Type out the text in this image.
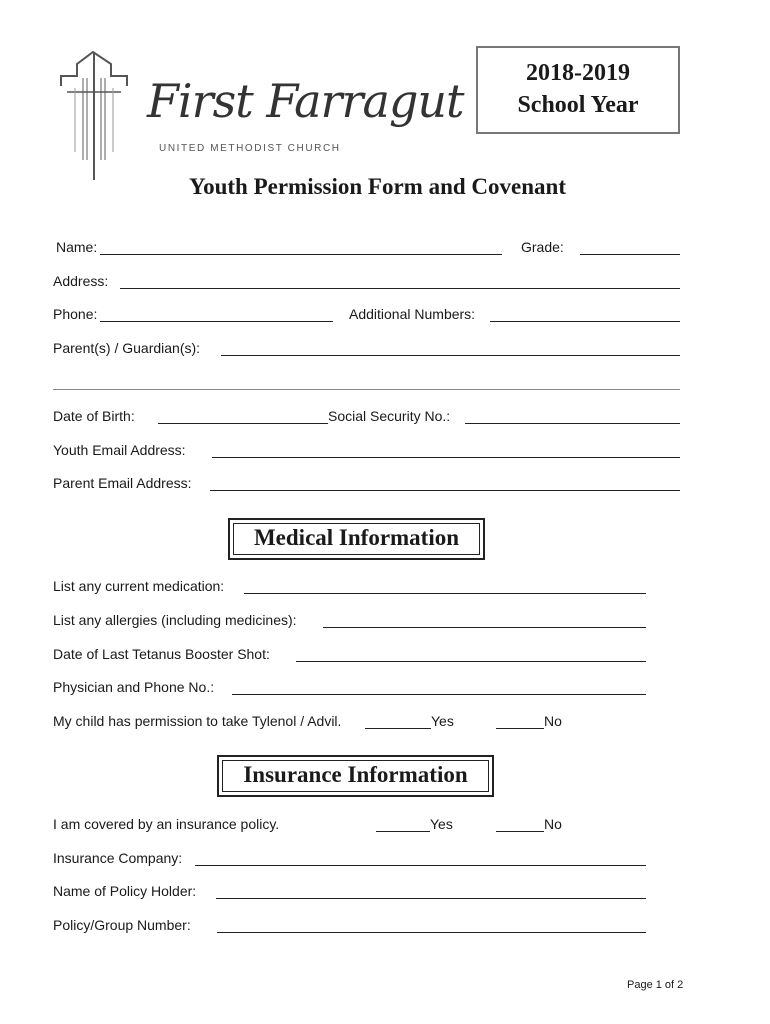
First Farragut
UNITED METHODIST CHURCH
2018-2019
School Year
Youth Permission Form and Covenant
Name:	Grade:
Address:
Phone:	Additional Numbers:
Parent(s) / Guardian(s):
Date of Birth:	Social Security No.:
Youth Email Address:
Parent Email Address:
Medical Information
List any current medication:
List any allergies (including medicines):
Date of Last Tetanus Booster Shot:
Physician and Phone No.:
My child has permission to take Tylenol / Advil.	Yes	No
Insurance Information
I am covered by an insurance policy.	Yes	No
Insurance Company:
Name of Policy Holder:
Policy/Group Number:
Page 1 of 2
